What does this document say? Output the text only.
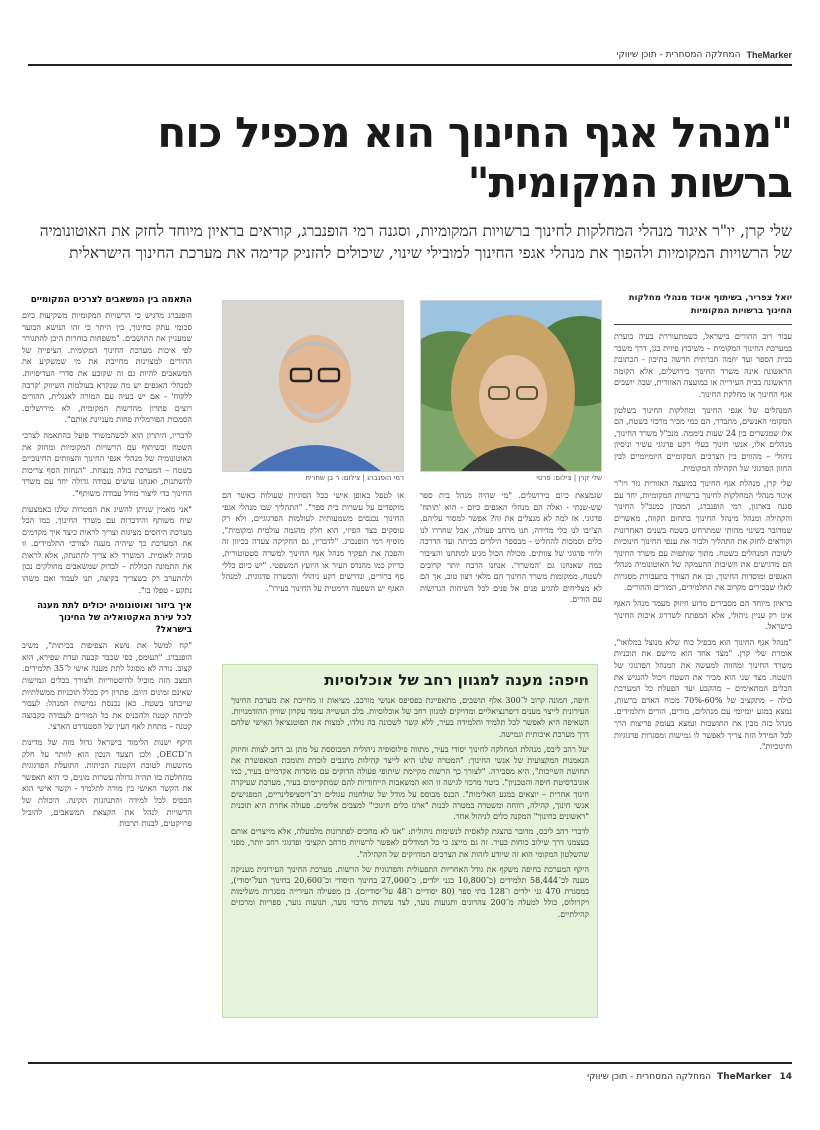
TheMarker
המחלקה המסחרית - תוכן שיווקי
"מנהל אגף החינוך הוא מכפיל כוח ברשות המקומית"

שלי קרן, יו"ר איגוד מנהלי המחלקות לחינוך ברשויות המקומיות, וסגנה רמי הופנברג, קוראים בראיון מיוחד לחזק את האוטונומיה של הרשויות המקומיות ולהפוך את מנהלי אגפי החינוך למובילי שינוי, שיכולים להזניק קדימה את מערכת החינוך הישראלית

יואל צפריר, בשיתוף איגוד מנהלי מחלקות החינוך ברשויות המקומיות

עבור רוב ההורים בישראל, כשמתעוררת בעיה בוערת במערכת החינוך המקומית – משיבוץ פיזית בגן, דרך משבר בבית הספר ועד יוזמה חברתית חדשה בתיכון - הכתובת הראשונה אינה משרד החינוך בירושלים, אלא הקומה הראשונה בבית העירייה או במועצה האזורית, שבה יושבים אגף החינוך או מחלקת החינוך.

המנהלים של אגפי החינוך ומחלקות החינוך בשלטון המקומי האנשים, מתברר, הם כמי מכיר מרכזי בשטח, הם אלו שמגשרים בין 24 שעות ביממה. מנכ"ל משרד החינוך, מנהלים אלו, אנשי חינוך בעלי רקע פדגוגי עשיר וניסיון ניהולי – מהווים בין הצרכים המקומיים היומיומיים לבין החזון הפדגוגי של הקהילה המקומית.

שלי קרן, מנהלת אגף החינוך במועצה האזורית גזר ויו"ר איגוד מנהלי המחלקות לחינוך ברשויות המקומיות, יחד עם סגנה בארגון, רמי הופנברג, המכהן כמנכ"ל החינוך והקהילה ומנהל מינהל החינוך בתחום תקווה, מאשרים שמדובר בשינוי מהותי שמתרחש בשטח בשנים האחרונות וקוראים לחזק את התהליך ולבור את ענפי החינוך חינוכיות לשוכת המנהלים בשטח. מתוך שותפות עם משרד החינוך הם מדגישים את חשיבות ההעמקה של האוטונומיה מנהלי האגפים ומוסדות החינוך, ובן את הצורך בתעבורת מסגרות לאלו שבכירים מקרוב את התלמידים, המורים וההורים.

בראיון מיוחד הם מסבירים מדוע חיזוק מעמד מנהל האגף אינו רק עניין ניהולי, אלא המפתח לשדרוג איכות החינוך בישראל.

"מנהל אגף החינוך הוא מכפיל כוח שלא מנוצל במלואו", אומרת שלי קרן. "מצד אחד הוא מיישם את תוכניות משרד החינוך ומהווה למעשה את המנהל הפדגוגי של השטח. מצד שני הוא מכיר את השטח ויכול להנגיש את הכלים המתאימים – מהקבע ועד הפעלת כל המערכת כולה – מתקציב של 60%-70% מכוח האדם ברשות, נמצא במגע יומיומי עם מנהלים, מורים, הורים ותלמידים. מנהל כזה מבין את התושבות ונמצא בעומק פריצות הרך לכל המידל הזה צריך לאפשר לו גמישות ומסגרות פדגוגיות וחינוכיות".

שלי קרן | צילום: פרטי
רמי הופנברג | צילום: ר בן שחרית

שגמצאת כיום בירושלים. "מי שהיה מנהל בית ספר שש-שנתי - ואלה הם מנהלי האגפים כיום - הוא 'תותח' פדגוגי. אז למה לא מנצלים את זה? אפשר למסור עליהם. הצ'יבו לנו כלי מדידה, תנו מרחב פעולה, אבל שחררו לנו כלים וסמכות להחליט - מבספר הילדים בכיתה ועד הדרכה וליווי פדגוגי של צוותים. מכולה הכול מגיע למתחנו והציבור במה שאנחנו גם 'המשרד'. אנחנו הרבה יותר קרובים לשטח, ממקומות משרד החינוך הם מלאי רצון טוב, אך הם לא מצליחים להגיע פנים אל פנים לכל השיחות הגדושות עם הורים.

או לטפל באופן אישי בכל הסוגיות שעולות כאשר הם מוקפדים על עשרות בית ספר". "התהליך שבו מנהלי אגפי החינוך נכנסים משמעותית לעולמות הפדגוגיים, ולא רק עוסקים בצד הפיזי, הוא חלק מהגמה עולמית ומקומית", מוסיף רמי הופנברג. "לדבריו, גם החקיקה צעדה בכיוון זה והפכה את תפקיד מנהל אגף החינוך למשרה סטטוטורית, כדיוק כמו מהנדס העיר או היועץ המשפטי. "יש כיום כללי סף ברורים, ונדרשים רקע ניהולי והכשרה פדגוגית. למנהל האגף יש השפעה דרמטית על החינוך בעירו".

חיפה: מענה למגוון רחב של אוכלוסיות

חיפה, המונה קרוב ל־300 אלף תושבים, מתאפיינת בפסיפס אנושי מורכב. מציאות זו מחייבת את מערכת החינוך העירונית לייצר מענים דיפרנציאליים ומדויקים למגוון רחב של אוכלוסיות. בלב העשייה עומד עקרון שוויון ההזדמנויות. השאיפה היא לאפשר לכל תלמיד ותלמידה בעיר, ללא קשר לשכונה בה נולדו, למצות את הפוטנציאל האישי שלהם דרך מערכת איכותית וגמישה.

יעל רהב ליבס, מנהלת המחלקה לחינוך יסודי בעיר, מתווה פילוסופיה ניהולית המבוססת על מתן גב רחב לצוות וחיזוק הנאמנות המקצועית של אנשי החינוך: "המטרה שלנו היא לייצר קהילות מתגבים לוכדת ותומכת המאפשרת את תחושת השייכות", היא מסבירה. "לצורך כך הרשות מקיימת שיתופי פעולה הדוקים עם מוסדות אקדמיים בעיר, כמו אוניברסיטת חיפה והטכניון". ביטוי מרכזי לגישה זו הוא המשאבות הייחודיות להם שמתקיימים בעיר, מערכת שעיקרה חינוך אחרית – יוצאים במגע האלימות". הכנס מבוסס על מודל של שולחנות עגולים רב־דיסציפלינריים, המפגישים אנשי חינוך, קהילה, רווחה ומשטרה במטרה לבנות "ארגז כלים חינוכי" למצבים אלימים. פעולה אחרת היא תוכנית "ראשונים בחינוך" המקנה כלים לניהול אחר.

לדברי רהב ליבס, מדובר בהצגת קלאסית לנשימות ניהולית: "אנו לא מחכים לפתרונות מלמעלה, אלא מייצרים אותם בעצמנו דרך שילוב כוחות בעיר. זה גם מייצג כי כל המודלים לאפשר לרשויות מרחב תקציבי ופדגוגי רחב יותר, מפני שהשלטון המקומי הוא זה שיודע לזהות את הצרכים המדויקים של הקהילה".

היקף המערכת בחיפה משקף את גודל האחריות התפעולית והפדגוגית של הרשות. מערכת החינוך העירונית מעניקה מענה לכ־58,444 תלמידים (כ־10,800 בגני ילדים, כ־27,000 בחינוך היסודי וכ־20,600 בחינוך העל־יסודי), במסגרת 470 גני ילדים ו־128 בתי ספר (80 יסודיים ו־48 על־יסודיים). כן מפעילה העירייה מסגרות משלימות ויקרולוס, כולל למעלה מ־200 צהרונים ותנועות נוער, לצד עשרות מרכזי נוער, תנועות נוער, ספריות ומרכזים קהילתיים.

התאמה בין המשאבים לצרכים המקומיים

הופנברג מדגיש כי הרשויות המקומיות משקיעות כיום סכומי עתק בחינוך, בין היתר כי זהו הנושא הבוער שמעניין את התושבים. "משפחות בוחרות היכן להתגורר לפי איכות מערכת החינוך המקומית. הציפייה של ההורים למצוינות מחייבת את מי שמשקיע את המשאבים להיות גם זה שקובע את סדרי העדיפויות. למנהלי האגפים יש מה שנקרא בעולמות השיווק 'קרבה ללקוח' - אם יש בעיה עם המורה לאנגלית, ההורים רוצים פתרון מהרשות המקומית, לא מירושלים. הסמכות הפורמלית פחות מעניינת אותם".

לדבריו, היתרון הוא לכשהמשרד פועל בהתאמה לצרכי השטח ובשיתוף עם הרשויות המקומיות ומחזק את האוטונומיה של מנהלי אגפי החינוך והצוותים החינוכיים בשטח – המערכת כולה מנצחת. "הנחות הסף צריכות להשתנות, ואנחנו עושים עבודה גדולה יחד עם משרד החינוך כדי ליצור מודל עבודה משותף".

"אני מאמין שניתן להשיג את המטרות שלנו באמצעות שיח משותף והידברות עם משרד החינוך. כמו הכל מערכת היחסים מציגות וצריך לראות כיצד איך מקדמים את המערכת כך שיהיה מענה לצורכי התלמידים. זו סוגיה לאומית. המשרד לא צריך להתנתק, אלא לראות את התמונה הכוללת – לבדוק שמשאבים מחולקים נכון ולהתערב רק כשצריך בקיצה, תנו לעבוד ואם משהו נתקע - טפלו בו".

איך ביזור ואוטונומיה יכולים לתת מענה לכל עירת האקטואליה של החינוך בישראל?

"קח למשל את נושא הצפיפות בכיתות", משיב הופנברג. "העומס, כפי שכבר קבעה ועדת שפירא, הוא קצוב. נורה לא מסוגל לתת מענה אישי ל־35 תלמידים. המצב הזה מוביל להיסטוריות ולצורך בכלים וגמישות שאינם זמינים היום. פתרון רק בכלל תוכניות ממשלתיות שייבחנו בשטח. כאן נכנסת גמישות המנהל: לעבור לכיתה קטנה ולהכניס את כל המורים לעבודה בקבוצה קטנה – מתחת לאף העין של הסטנדרט הארצי.

היקף ישנות הלימוד בישראל גדול מזה של מדינות ה־OECD, ולכן הצעד הנכון הוא לוותר על חלק מהשעות לטובת הקטנת הכיתות. התועלת הפדגוגית מהחלטה כזו תהיה גדולה עשרות מונים, כי היא תאפשר את הקשר האישי בין מורה לתלמיד - וקשר אישי הוא הבסיס לכל למידה והתנהגות תקינה. היכולת של הרשויות לנהל את הקצאת המשאבים, להוביל פרויקטים, לבנות תרבות

14
TheMarker
המחלקה המסחרית - תוכן שיווקי
